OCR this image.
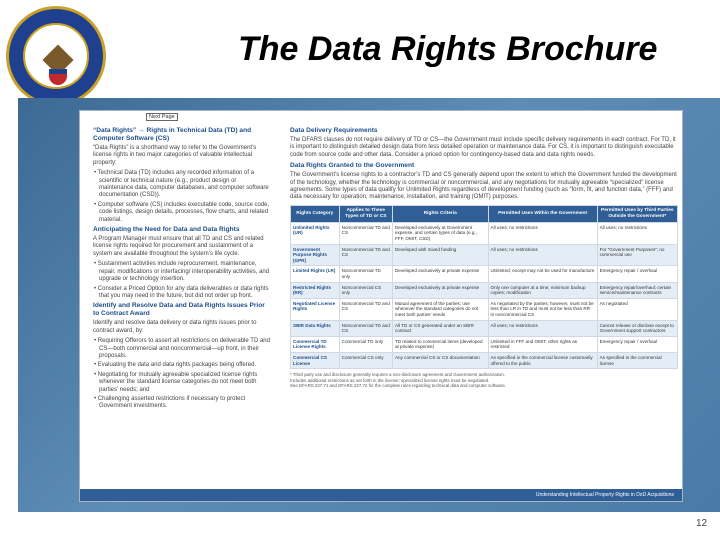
The Data Rights Brochure
Next Page
“Data Rights” → Rights in Technical Data (TD) and Computer Software (CS)
“Data Rights” is a shorthand way to refer to the Government’s license rights in two major categories of valuable intellectual property:
• Technical Data (TD) includes any recorded information of a scientific or technical nature (e.g., product design or maintenance data, computer databases, and computer software documentation (CSD)).
• Computer software (CS) includes executable code, source code, code listings, design details, processes, flow charts, and related material.
Anticipating the Need for Data and Data Rights
A Program Manager must ensure that all TD and CS and related license rights required for procurement and sustainment of a system are available throughout the system’s life cycle.
• Sustainment activities include reprocurement, maintenance, repair, modifications or interfacing/ interoperability activities, and upgrade or technology insertion.
• Consider a Priced Option for any data deliverables or data rights that you may need in the future, but did not order up front.
Identify and Resolve Data and Data Rights Issues Prior to Contract Award
Identify and resolve data delivery or data rights issues prior to contract award, by:
• Requiring Offerors to assert all restrictions on deliverable TD and CS—both commercial and noncommercial—up front, in their proposals.
• Evaluating the data and data rights packages being offered.
• Negotiating for mutually agreeable specialized license rights whenever the standard license categories do not meet both parties’ needs; and
• Challenging asserted restrictions if necessary to protect Government investments.
Data Delivery Requirements
The DFARS clauses do not require delivery of TD or CS—the Government must include specific delivery requirements in each contract. For TD, it is important to distinguish detailed design data from less detailed operation or maintenance data. For CS, it is important to distinguish executable code from source code and other data. Consider a priced option for contingency-based data and data rights needs.
Data Rights Granted to the Government
The Government’s license rights to a contractor’s TD and CS generally depend upon the extent to which the Government funded the development of the technology, whether the technology is commercial or noncommercial, and any negotiations for mutually agreeable “specialized” license agreements. Some types of data qualify for Unlimited Rights regardless of development funding (such as “form, fit, and function data,” (FFF) and data necessary for operation, maintenance, installation, and training (OMIT) purposes.
Rights Category	Applies to These Types of TD or CS	Rights Criteria	Permitted Uses Within the Government	Permitted Uses by Third Parties Outside the Government*
Unlimited Rights (UR)	Noncommercial TD and CS	Developed exclusively at Government expense, and certain types of data (e.g., FFF, OMIT, CSD)	All uses; no restrictions	All uses; no restrictions
Government Purpose Rights (GPR)	Noncommercial TD and CS	Developed with mixed funding	All uses; no restrictions	For “Government Purposes”; no commercial use
Limited Rights (LR)	Noncommercial TD only	Developed exclusively at private expense	Unlimited; except may not be used for manufacture	Emergency repair / overhaul
Restricted Rights (RR)	Noncommercial CS only	Developed exclusively at private expense	Only one computer at a time; minimum backup copies; modification	Emergency repair/overhaul; certain service/maintenance contracts
Negotiated License Rights	Noncommercial TD and CS	Mutual agreement of the parties; use whenever the standard categories do not meet both parties’ needs	As negotiated by the parties; however, must not be less than LR in TD and must not be less than RR in noncommercial CS	As negotiated
SBIR Data Rights	Noncommercial TD and CS	All TD or CS generated under an SBIR contract	All uses; no restrictions	Cannot release or disclose except to Government support contractors
Commercial TD License Rights	Commercial TD only	TD related to commercial items (developed at private expense)	Unlimited in FFF and OMIT; other rights as restricted	Emergency repair / overhaul
Commercial CS License	Commercial CS only	Any commercial CS or CS documentation	As specified in the commercial license customarily offered to the public	As specified in the commercial license
* Third party use and disclosure generally requires a non-disclosure agreement and Government authorization.
Includes additional restrictions as set forth in the license; specialized license rights must be negotiated.
See DFARS 227.71 and DFARS 227.72 for the complete rules regarding technical data and computer software.
Understanding Intellectual Property Rights in DoD Acquisitions
12
